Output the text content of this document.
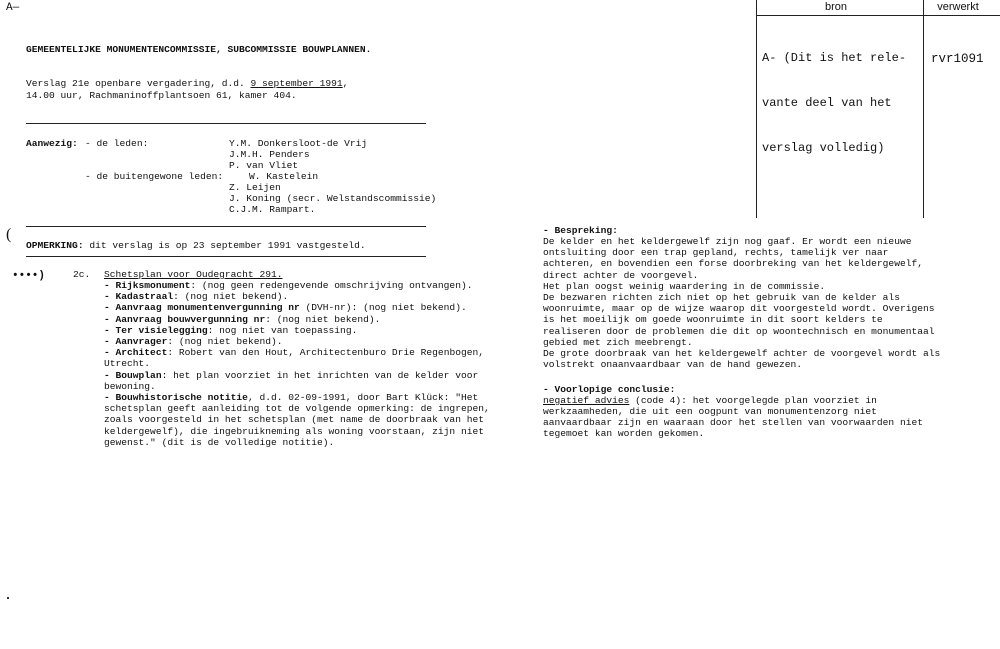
A—	bron	verwerkt

A- (Dit is het rele-

vante deel van het

verslag volledig)

rvr1091
GEMEENTELIJKE MONUMENTENCOMMISSIE, SUBCOMMISSIE BOUWPLANNEN.
Verslag 21e openbare vergadering, d.d. 9 september 1991,
14.00 uur, Rachmaninoffplantsoen 61, kamer 404.
Aanwezig: - de leden:	Y.M. Donkersloot-de Vrij
J.M.H. Penders
P. van Vliet
- de buitengewone leden:	W. Kastelein
Z. Leijen
J. Koning (secr. Welstandscommissie)
C.J.M. Rampart.
(
OPMERKING: dit verslag is op 23 september 1991 vastgesteld.
••••)	2c. Schetsplan voor Oudegracht 291.
- Rijksmonument: (nog geen redengevende omschrijving ontvangen).
- Kadastraal: (nog niet bekend).
- Aanvraag monumentenvergunning nr (DVH-nr): (nog niet bekend).
- Aanvraag bouwvergunning nr: (nog niet bekend).
- Ter visielegging: nog niet van toepassing.
- Aanvrager: (nog niet bekend).
- Architect: Robert van den Hout, Architectenburo Drie Regenbogen,
Utrecht.
- Bouwplan: het plan voorziet in het inrichten van de kelder voor
bewoning.
- Bouwhistorische notitie, d.d. 02-09-1991, door Bart Klück: "Het
schetsplan geeft aanleiding tot de volgende opmerking: de ingrepen,
zoals voorgesteld in het schetsplan (met name de doorbraak van het
keldergewelf), die ingebruikneming als woning voorstaan, zijn niet
gewenst." (dit is de volledige notitie).
- Bespreking:
De kelder en het keldergewelf zijn nog gaaf. Er wordt een nieuwe
ontsluiting door een trap gepland, rechts, tamelijk ver naar
achteren, en bovendien een forse doorbreking van het keldergewelf,
direct achter de voorgevel.
Het plan oogst weinig waardering in de commissie.
De bezwaren richten zich niet op het gebruik van de kelder als
woonruimte, maar op de wijze waarop dit voorgesteld wordt. Overigens
is het moeilijk om goede woonruimte in dit soort kelders te
realiseren door de problemen die dit op woontechnisch en monumentaal
gebied met zich meebrengt.
De grote doorbraak van het keldergewelf achter de voorgevel wordt als
volstrekt onaanvaardbaar van de hand gewezen.
- Voorlopige conclusie:
negatief advies (code 4): het voorgelegde plan voorziet in
werkzaamheden, die uit een oogpunt van monumentenzorg niet
aanvaardbaar zijn en waaraan door het stellen van voorwaarden niet
tegemoet kan worden gekomen.
